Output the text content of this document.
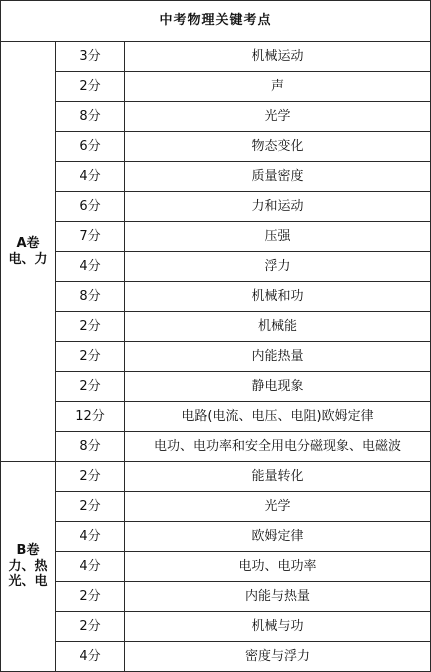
中考物理关键考点		

A卷
电、力	3分	机械运动
	2分	声
	8分	光学
	6分	物态变化
	4分	质量密度
	6分	力和运动
	7分	压强
	4分	浮力
	8分	机械和功
	2分	机械能
	2分	内能热量
	2分	静电现象
	12分	电路(电流、电压、电阻)欧姆定律
	8分	电功、电功率和安全用电分磁现象、电磁波

B卷
力、热
光、电	2分	能量转化
	2分	光学
	4分	欧姆定律
	4分	电功、电功率
	2分	内能与热量
	2分	机械与功
	4分	密度与浮力
